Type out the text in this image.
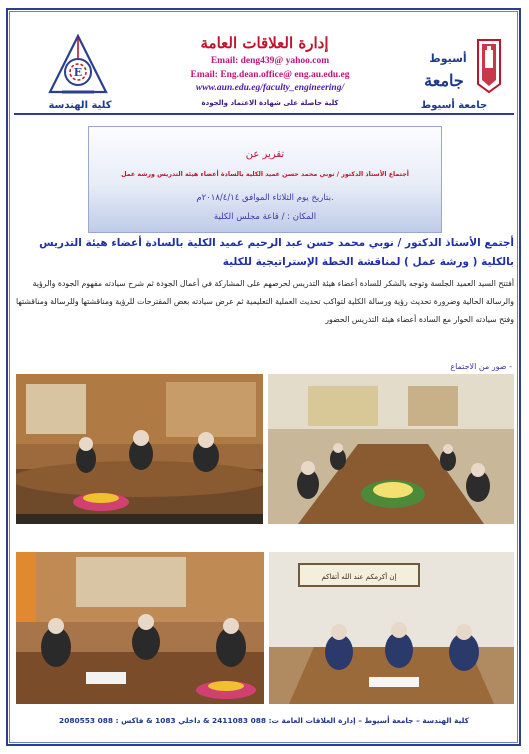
E
كلية الهندسة
أسيوط
جامعة
جامعة أسيوط
إدارة العلاقات العامة
Email: deng439@ yahoo.com
Email: Eng.dean.office@ eng.au.edu.eg
www.aun.edu.eg/faculty_engineering/
كلية حاصلة على شهادة الاعتماد والجودة
تقرير عن
أجتماع الأستاذ الدكتور / نوبي محمد حسن عميد الكلية بالسادة أعضاء هيئة التدريس ورشة عمل
بتاريخ يوم الثلاثاء الموافق ٢٠١٨/٤/١٤م.
المكان : / قاعة مجلس الكلية
أجتمع الأستاذ الدكتور / نوبي محمد حسن عبد الرحيم عميد الكلية بالسادة أعضاء هيئة التدريس بالكلية ( ورشة عمل ) لمناقشة الخطة الإستراتيجية للكلية
أفتتح السيد العميد الجلسة وتوجه بالشكر للسادة أعضاء هيئة التدريس لحرصهم على المشاركة في أعمال الجودة ثم شرح سيادته مفهوم الجودة والرؤية والرسالة الحالية وضرورة تحديث رؤية ورسالة الكلية لتواكب تحديث العملية التعليمية ثم عرض سيادته بعض المقترحات للرؤية ومناقشتها وللرسالة ومناقشتها وفتح سيادته الحوار مع السادة أعضاء هيئة التدريس الحضور
- صور من الاجتماع
إن أكرمكم عند الله أتقاكم
كلية الهندسة – جامعة أسيوط – إدارة العلاقات العامة ت: 088 2411083 & داخلي 1083 & فاكس : 088 2080553
